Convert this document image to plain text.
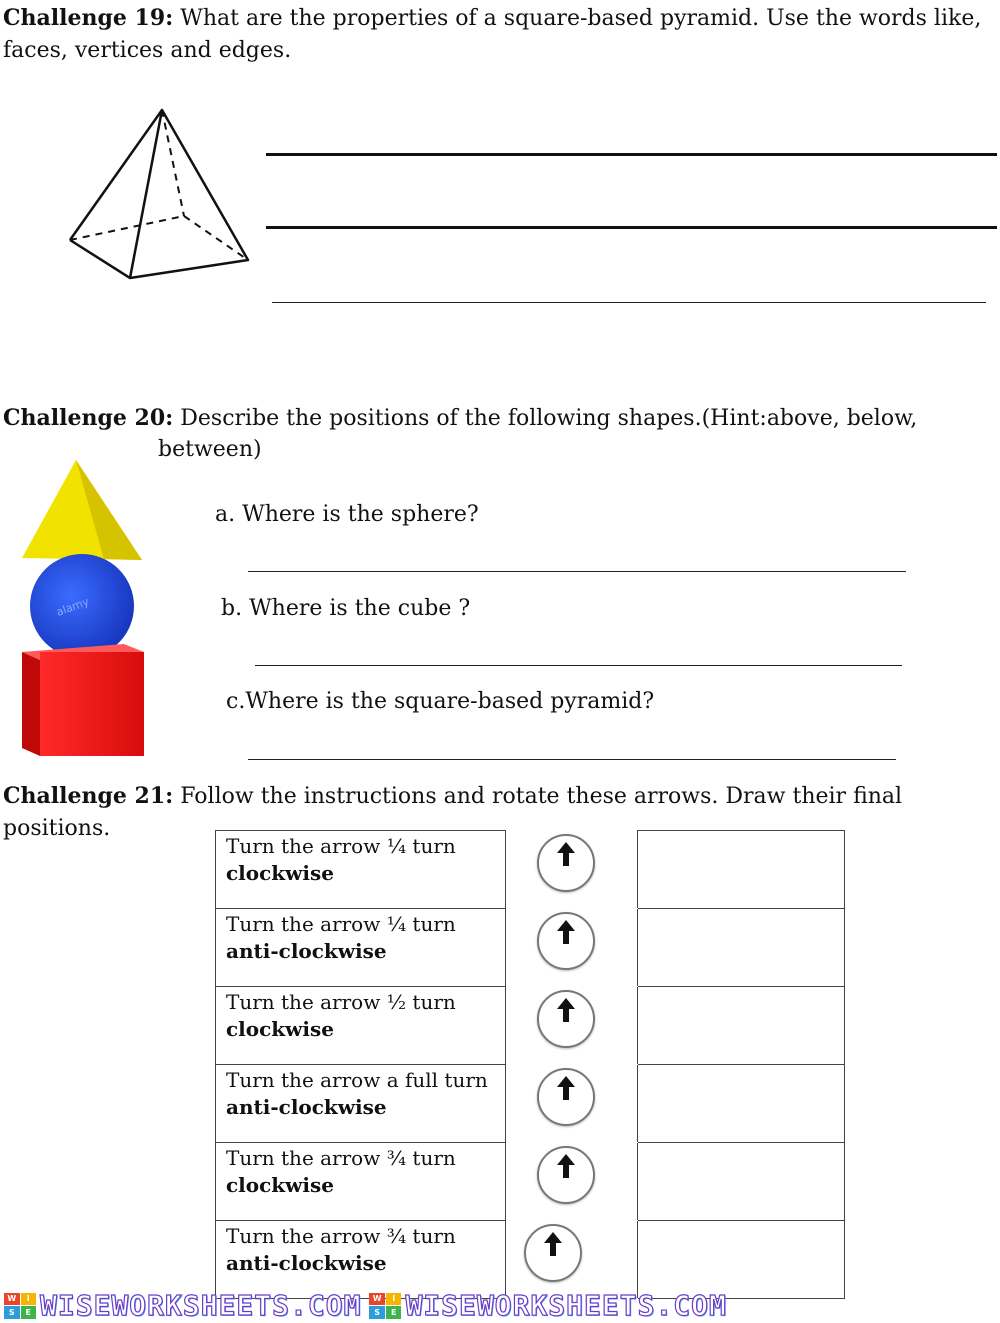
Challenge 19: What are the properties of a square-based pyramid. Use the words like,
faces, vertices and edges.
Challenge 20: Describe the positions of the following shapes.(Hint:above, below,
between)
alamy
a. Where is the sphere?
b. Where is the cube ?
c.Where is the square-based pyramid?
Challenge 21: Follow the instructions and rotate these arrows. Draw their final positions.
Turn the arrow ¼ turn
clockwise

Turn the arrow ¼ turn
anti-clockwise

Turn the arrow ½ turn
clockwise

Turn the arrow a full turn
anti-clockwise

Turn the arrow ¾ turn
clockwise

Turn the arrow ¾ turn
anti-clockwise

W	I
S	E WISEWORKSHEETS.COM	W	I
S	E WISEWORKSHEETS.COM
